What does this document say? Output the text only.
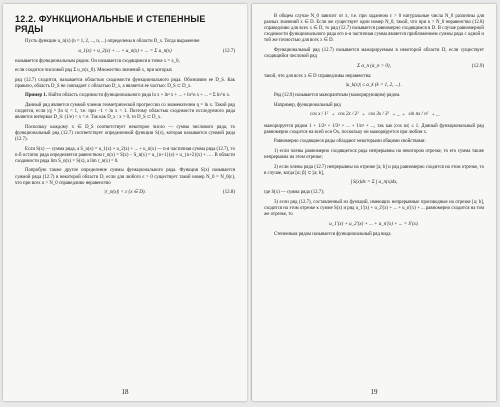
12.2. ФУНКЦИОНАЛЬНЫЕ И СТЕПЕННЫЕ РЯДЫ

Пусть функции u_n(x) (n = 1, 2, ..., n, ...) определены в области D_x. Тогда выражение

u_1(x) + u_2(x) + ... + u_n(x) + ... = Σ u_n(x)	(12.7)

называется функциональным рядом. Он называется сходящимся в точке x = x_0,

если сходится числовой ряд Σ u_n(x_0). Множество значений x, при которых

ряд (12.7) сходится, называется областью сходимости функционального ряда. Обозначим ее D_S. Как правило, область D_S не совпадает с областью D_x, а является ее частью: D_S ⊂ D_x.

Пример 1. Найти область сходимости функционального ряда ln x + ln² x + ... + ln^n x + ... = Σ ln^n x.

Данный ряд является суммой членов геометрической прогрессии со знаменателем q = ln x. Такой ряд сходится, если |q| = |ln x| < 1, т.е. при −1 < ln x < 1. Поэтому областью сходимости исследуемого ряда является интервал D_S: (1/e) < x < e. Так как D_x : x > 0, то D_S ⊂ D_x.

Поскольку каждому x ∈ D_S соответствует некоторое число — сумма числового ряда, то функциональный ряд (12.7) соответствует определенной функции S(x), которая называется суммой ряда (12.7).

Если S(x) — сумма ряда, а S_n(x) = u_1(x) + u_2(x) + ... + u_n(x) — n-я частичная сумма ряда (12.7), то n-й остаток ряда определяется равенством r_n(x) = S(x) − S_n(x) = u_{n+1}(x) + u_{n+2}(x) + ... . В области сходимости ряда lim S_n(x) = S(x), а lim r_n(x) = 0.

Попробую также другое определение суммы функционального ряда. Функция S(x) называется суммой ряда (12.7) в некоторой области D, если для любого ε > 0 существует такой номер N_0 = N_0(ε), что при всех n > N_0 справедливо неравенство

|r_n(x)| < ε (x ∈ D).	(12.8)
18

В общем случае N_0 зависит от x, т.е. при заданном ε > 0 натуральные числа N_0 различны для разных значений x ∈ D. Если же существует один номер N_0, такой, что при n > N_0 неравенство (12.8) справедливо для всех x ∈ D, то ряд (12.7) называется равномерно сходящимся в D. В случае равномерной сходимости функционального ряда его n-я частичная сумма является приближением суммы ряда с одной и той же точностью для всех x ∈ D.

Функциональный ряд (12.7) называется мажорируемым в некоторой области D, если существует сходящийся числовой ряд

Σ α_n (α_n > 0),	(12.9)

такой, что для всех x ∈ D справедливы неравенства:

|u_k(x)| ≤ α_k (k = 1, 2, ...) .

Ряд (12.9) называется мажорантным (мажорирующим) рядом.

Например, функциональный ряд

cos x / 1² + cos 2x / 2² + cos 3x / 3² + ... + sin nx / n² + ...

мажорируется рядом 1 + 1/2² + 1/3² + ... + 1/n² + ..., так как |cos nx| ≤ 1. Данный функциональный ряд равномерно сходится на всей оси Ox, поскольку он мажорируется при любом x.

Равномерно сходящиеся ряды обладают некоторыми общими свойствами:

1) если члены равномерно сходящегося ряда непрерывны на некотором отрезке, то его сумма также непрерывна на этом отрезке;

2) если члены ряда (12.7) непрерывны на отрезке [a; b] и ряд равномерно сходится на этом отрезке, то в случае, когда [α; β] ⊂ [a; b],

∫ S(x)dx = Σ ∫ u_n(x)dx,

где S(x) — сумма ряда (12.7);

3) если ряд (12.7), составленный из функций, имеющих непрерывные производные на отрезке [a; b], сходится на этом отрезке к сумме S(x) и ряд u_1'(x) + u_2'(x) + ... + u_n'(x) + ... равномерно сходится на том же отрезке, то

u_1'(x) + u_2'(x) + ... + u_n'(x) + ... = S'(x).

Степенным рядом называется функциональный ряд вида

19
